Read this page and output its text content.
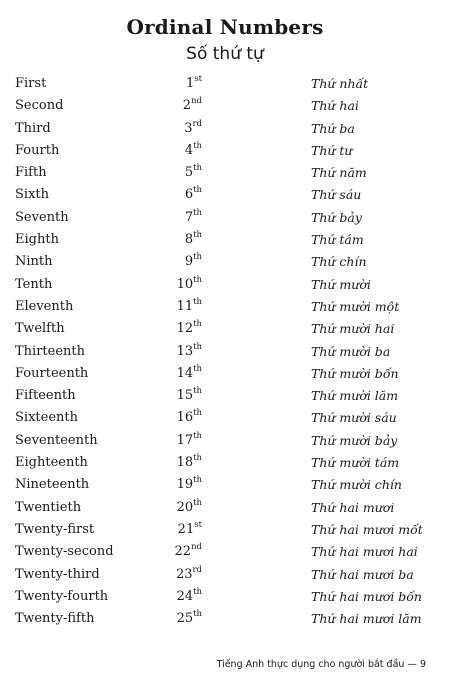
Ordinal Numbers
Số thứ tự
First	1st	Thứ nhất
Second	2nd	Thứ hai
Third	3rd	Thứ ba
Fourth	4th	Thứ tư
Fifth	5th	Thứ năm
Sixth	6th	Thứ sáu
Seventh	7th	Thứ bảy
Eighth	8th	Thứ tám
Ninth	9th	Thứ chín
Tenth	10th	Thứ mười
Eleventh	11th	Thứ mười một
Twelfth	12th	Thứ mười hai
Thirteenth	13th	Thứ mười ba
Fourteenth	14th	Thứ mười bốn
Fifteenth	15th	Thứ mười lăm
Sixteenth	16th	Thứ mười sáu
Seventeenth	17th	Thứ mười bảy
Eighteenth	18th	Thứ mười tám
Nineteenth	19th	Thứ mười chín
Twentieth	20th	Thứ hai mươi
Twenty-first	21st	Thứ hai mươi mốt
Twenty-second	22nd	Thứ hai mươi hai
Twenty-third	23rd	Thứ hai mươi ba
Twenty-fourth	24th	Thứ hai mươi bốn
Twenty-fifth	25th	Thứ hai mươi lăm
Tiếng Anh thực dụng cho người bắt đầu — 9
